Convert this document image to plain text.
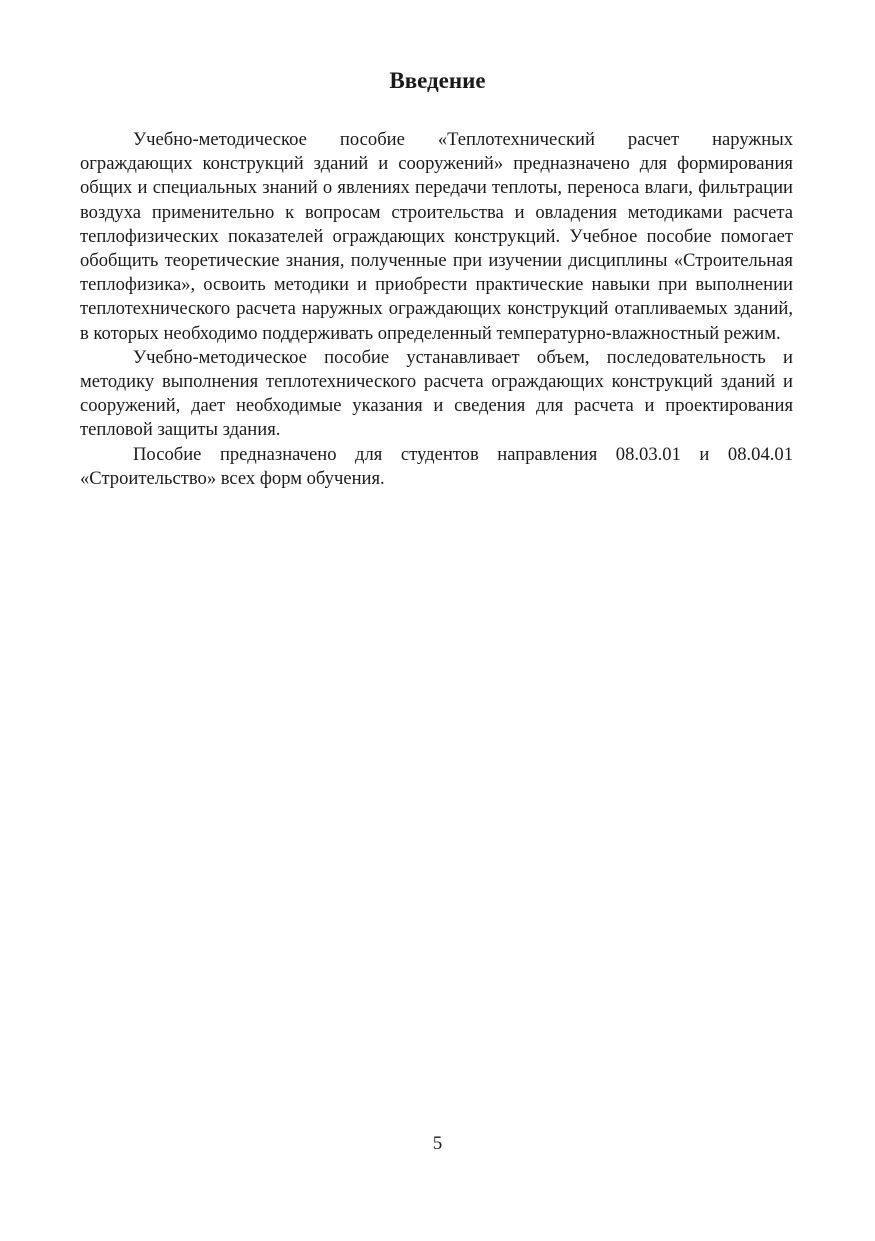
Введение

Учебно-методическое пособие «Теплотехнический расчет наружных ограждающих конструкций зданий и сооружений» предназначено для формирования общих и специальных знаний о явлениях передачи теплоты, переноса влаги, фильтрации воздуха применительно к вопросам строительства и овладения методиками расчета теплофизических показателей ограждающих конструкций. Учебное пособие помогает обобщить теоретические знания, полученные при изучении дисциплины «Строительная теплофизика», освоить методики и приобрести практические навыки при выполнении теплотехнического расчета наружных ограждающих конструкций отапливаемых зданий, в которых необходимо поддерживать определенный температурно-влажностный режим.

Учебно-методическое пособие устанавливает объем, последовательность и методику выполнения теплотехнического расчета ограждающих конструкций зданий и сооружений, дает необходимые указания и сведения для расчета и проектирования тепловой защиты здания.

Пособие предназначено для студентов направления 08.03.01 и 08.04.01 «Строительство» всех форм обучения.

5
